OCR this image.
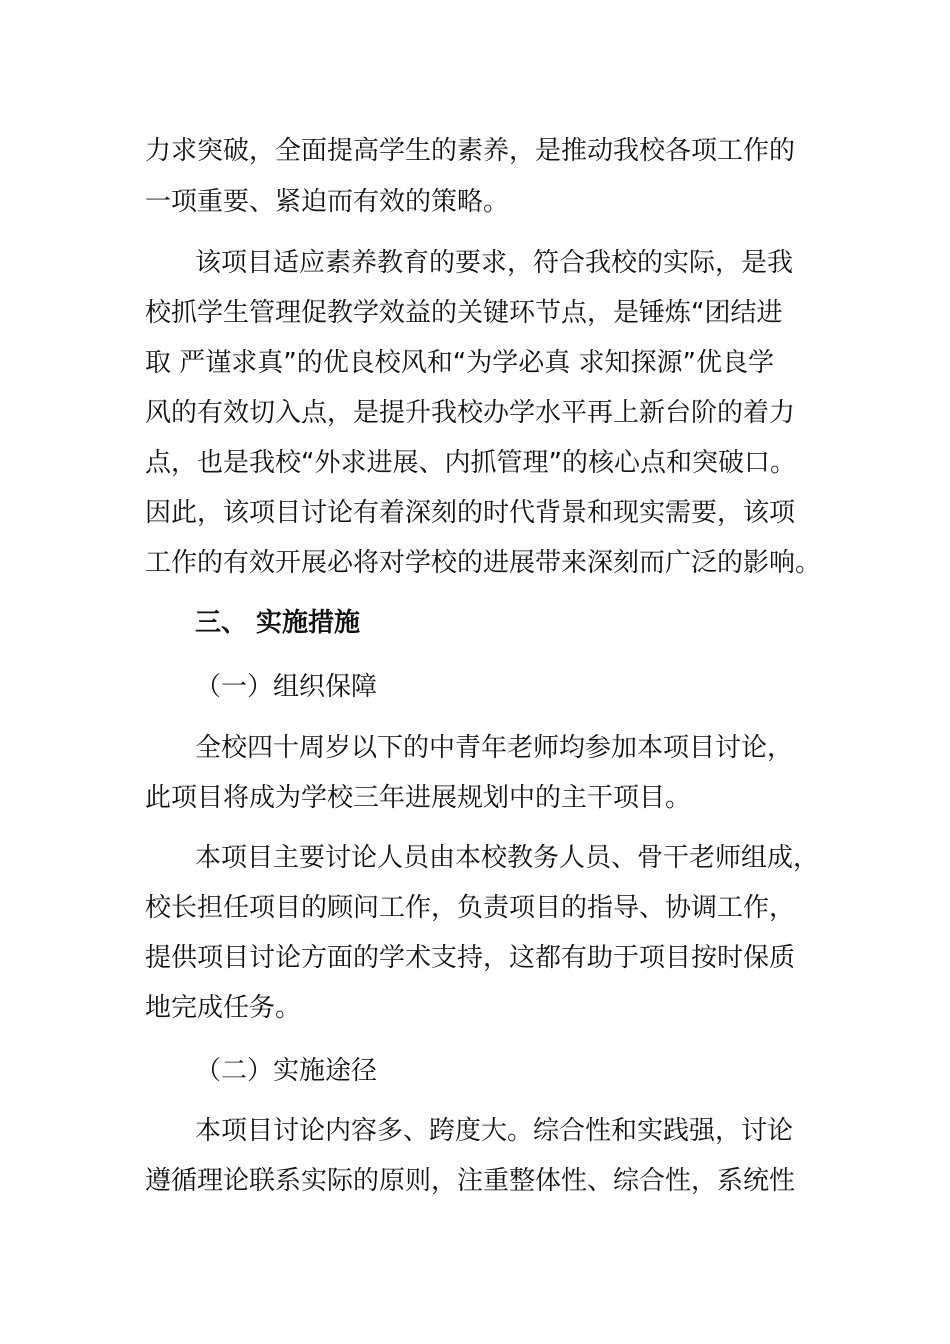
力求突破，全面提高学生的素养，是推动我校各项工作的
一项重要、紧迫而有效的策略。
该项目适应素养教育的要求，符合我校的实际，是我
校抓学生管理促教学效益的关键环节点，是锤炼“团结进
取 严谨求真”的优良校风和“为学必真 求知探源”优良学
风的有效切入点，是提升我校办学水平再上新台阶的着力
点，也是我校“外求进展、内抓管理”的核心点和突破口。
因此，该项目讨论有着深刻的时代背景和现实需要，该项
工作的有效开展必将对学校的进展带来深刻而广泛的影响。
三、 实施措施
（一）组织保障
全校四十周岁以下的中青年老师均参加本项目讨论，
此项目将成为学校三年进展规划中的主干项目。
本项目主要讨论人员由本校教务人员、骨干老师组成，
校长担任项目的顾问工作，负责项目的指导、协调工作，
提供项目讨论方面的学术支持，这都有助于项目按时保质
地完成任务。
（二）实施途径
本项目讨论内容多、跨度大。综合性和实践强，讨论
遵循理论联系实际的原则，注重整体性、综合性，系统性
